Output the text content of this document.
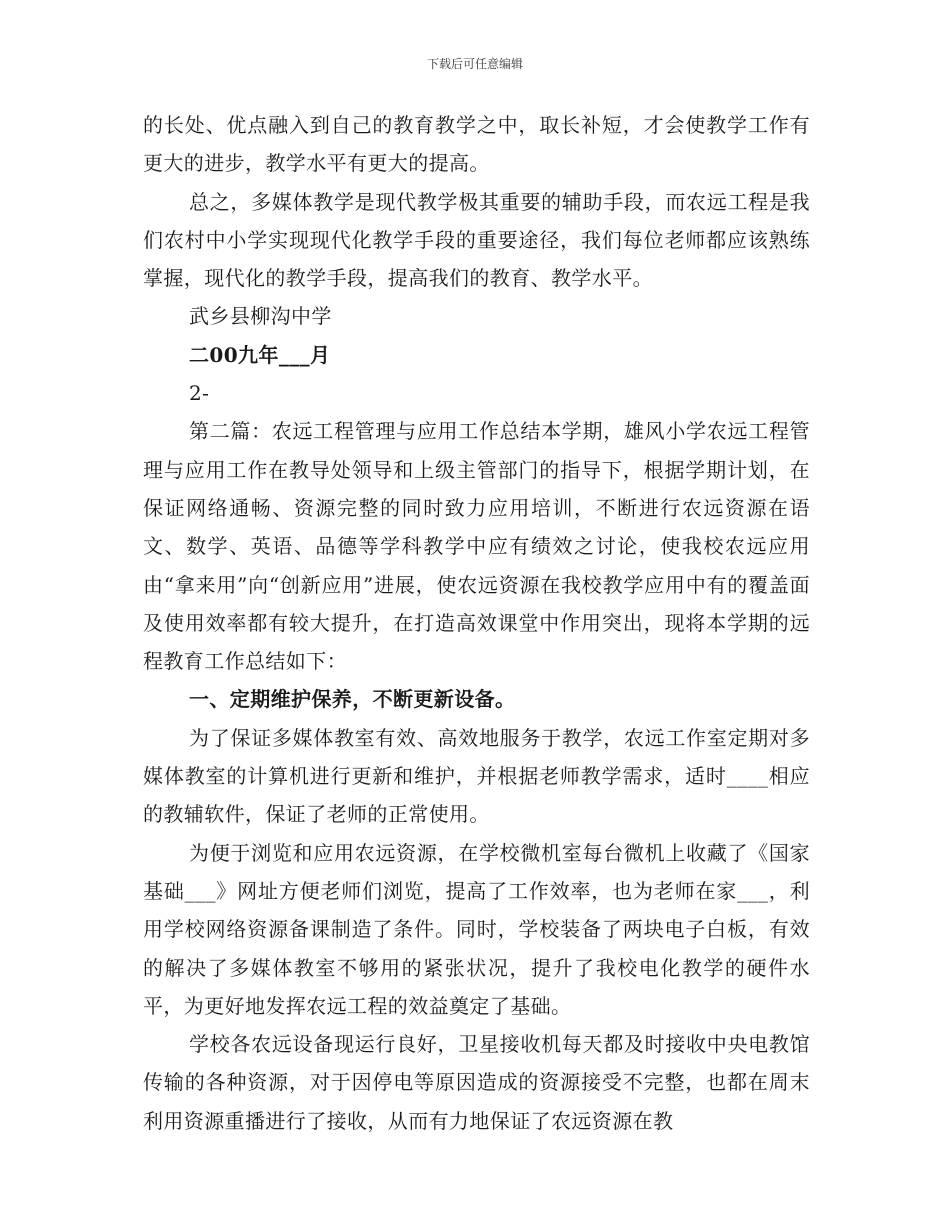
下载后可任意编辑

的长处、优点融入到自己的教育教学之中，取长补短，才会使教学工作有更大的进步，教学水平有更大的提高。

总之，多媒体教学是现代教学极其重要的辅助手段，而农远工程是我们农村中小学实现现代化教学手段的重要途径，我们每位老师都应该熟练掌握，现代化的教学手段，提高我们的教育、教学水平。

武乡县柳沟中学

二00九年___月

2-

第二篇：农远工程管理与应用工作总结本学期，雄风小学农远工程管理与应用工作在教导处领导和上级主管部门的指导下，根据学期计划，在保证网络通畅、资源完整的同时致力应用培训，不断进行农远资源在语文、数学、英语、品德等学科教学中应有绩效之讨论，使我校农远应用由“拿来用”向“创新应用”进展，使农远资源在我校教学应用中有的覆盖面及使用效率都有较大提升，在打造高效课堂中作用突出，现将本学期的远程教育工作总结如下：

一、定期维护保养，不断更新设备。

为了保证多媒体教室有效、高效地服务于教学，农远工作室定期对多媒体教室的计算机进行更新和维护，并根据老师教学需求，适时____相应的教辅软件，保证了老师的正常使用。

为便于浏览和应用农远资源，在学校微机室每台微机上收藏了《国家基础___》网址方便老师们浏览，提高了工作效率，也为老师在家___，利用学校网络资源备课制造了条件。同时，学校装备了两块电子白板，有效的解决了多媒体教室不够用的紧张状况，提升了我校电化教学的硬件水平，为更好地发挥农远工程的效益奠定了基础。

学校各农远设备现运行良好，卫星接收机每天都及时接收中央电教馆传输的各种资源，对于因停电等原因造成的资源接受不完整，也都在周末利用资源重播进行了接收，从而有力地保证了农远资源在教
